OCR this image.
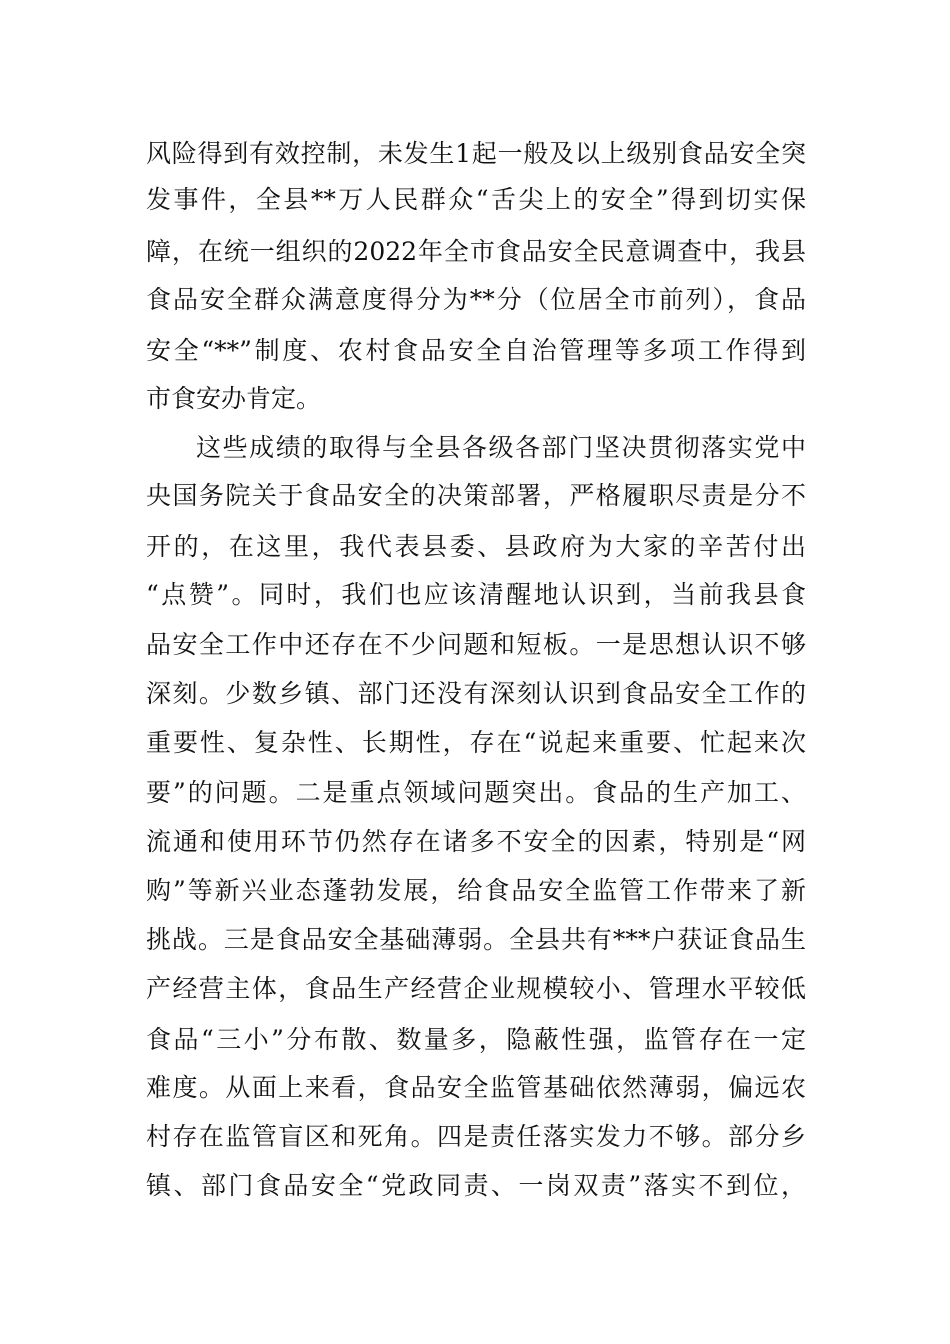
风险得到有效控制，未发生1起一般及以上级别食品安全突
发事件，全县**万人民群众“舌尖上的安全”得到切实保
障，在统一组织的2022年全市食品安全民意调查中，我县
食品安全群众满意度得分为**分（位居全市前列），食品
安全“**”制度、农村食品安全自治管理等多项工作得到
市食安办肯定。
这些成绩的取得与全县各级各部门坚决贯彻落实党中
央国务院关于食品安全的决策部署，严格履职尽责是分不
开的，在这里，我代表县委、县政府为大家的辛苦付出
“点赞”。同时，我们也应该清醒地认识到，当前我县食
品安全工作中还存在不少问题和短板。一是思想认识不够
深刻。少数乡镇、部门还没有深刻认识到食品安全工作的
重要性、复杂性、长期性，存在“说起来重要、忙起来次
要”的问题。二是重点领域问题突出。食品的生产加工、
流通和使用环节仍然存在诸多不安全的因素，特别是“网
购”等新兴业态蓬勃发展，给食品安全监管工作带来了新
挑战。三是食品安全基础薄弱。全县共有***户获证食品生
产经营主体，食品生产经营企业规模较小、管理水平较低
食品“三小”分布散、数量多，隐蔽性强，监管存在一定
难度。从面上来看，食品安全监管基础依然薄弱，偏远农
村存在监管盲区和死角。四是责任落实发力不够。部分乡
镇、部门食品安全“党政同责、一岗双责”落实不到位，
